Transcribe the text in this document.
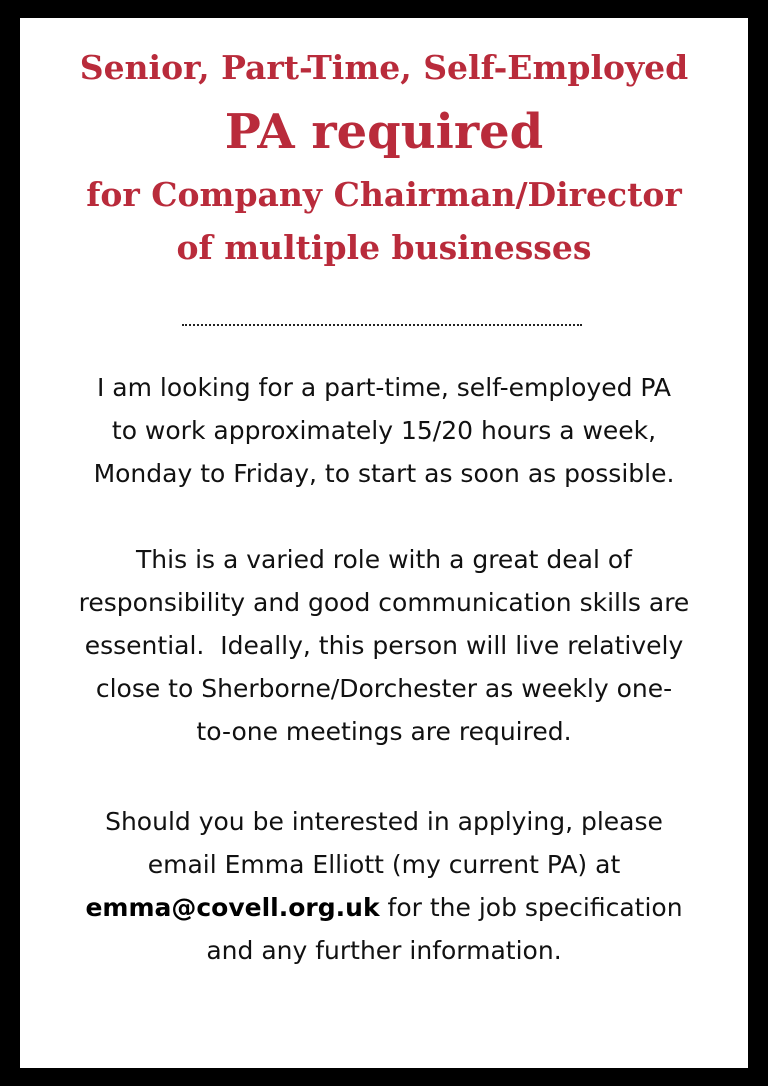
Senior, Part-Time, Self-Employed
PA required
for Company Chairman/Director
of multiple businesses
I am looking for a part-time, self-employed PA
to work approximately 15/20 hours a week,
Monday to Friday, to start as soon as possible.
This is a varied role with a great deal of
responsibility and good communication skills are
essential.  Ideally, this person will live relatively
close to Sherborne/Dorchester as weekly one-
to-one meetings are required.
Should you be interested in applying, please
email Emma Elliott (my current PA) at
emma@covell.org.uk for the job specification
and any further information.
